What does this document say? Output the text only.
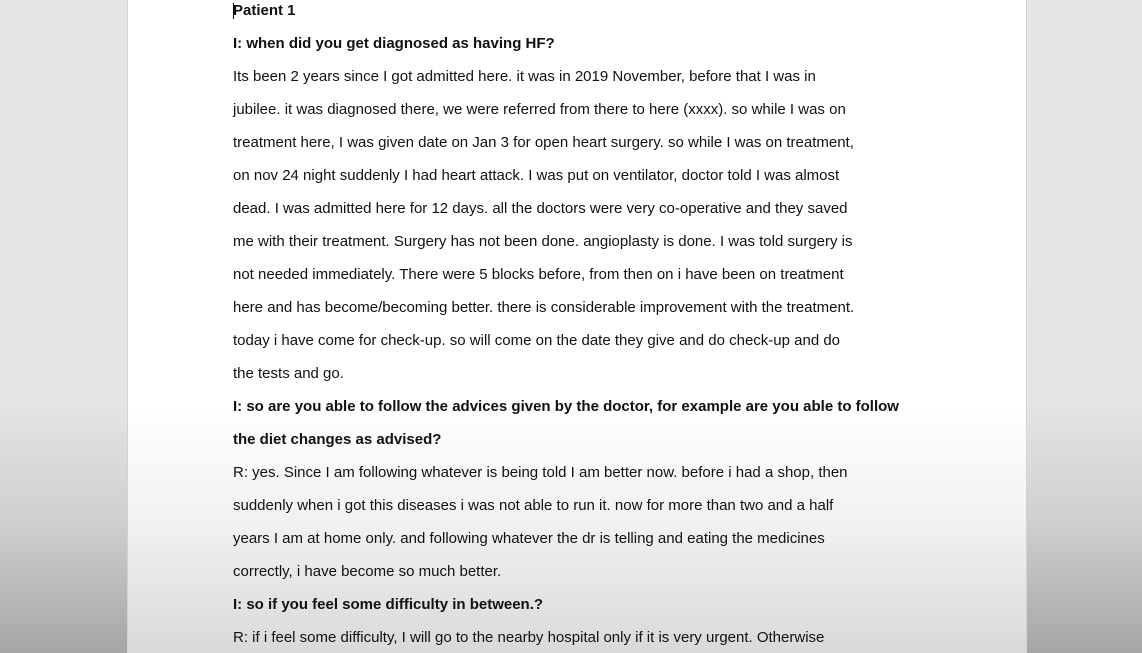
Patient 1
I: when did you get diagnosed as having HF?
Its been 2 years since I got admitted here. it was in 2019 November, before that I was in
jubilee. it was diagnosed there, we were referred from there to here (xxxx). so while I was on
treatment here, I was given date on Jan 3 for open heart surgery. so while I was on treatment,
on nov 24 night suddenly I had heart attack. I was put on ventilator, doctor told I was almost
dead. I was admitted here for 12 days. all the doctors were very co-operative and they saved
me with their treatment. Surgery has not been done. angioplasty is done. I was told surgery is
not needed immediately. There were 5 blocks before, from then on i have been on treatment
here and has become/becoming better. there is considerable improvement with the treatment.
today i have come for check-up. so will come on the date they give and do check-up and do
the tests and go.
I: so are you able to follow the advices given by the doctor, for example are you able to follow
the diet changes as advised?
R: yes. Since I am following whatever is being told I am better now. before i had a shop, then
suddenly when i got this diseases i was not able to run it. now for more than two and a half
years I am at home only. and following whatever the dr is telling and eating the medicines
correctly, i have become so much better.
I: so if you feel some difficulty in between.?
R: if i feel some difficulty, I will go to the nearby hospital only if it is very urgent. Otherwise
